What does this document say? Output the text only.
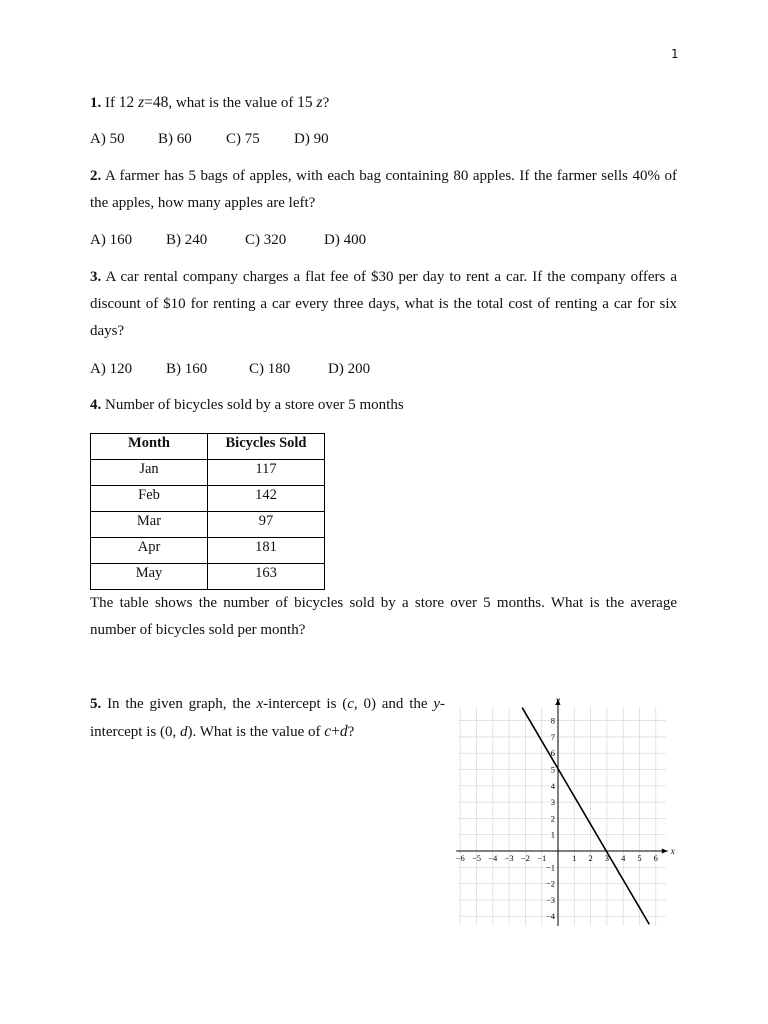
1
1. If 12 z=48, what is the value of 15 z?
A) 50 B) 60 C) 75 D) 90
2. A farmer has 5 bags of apples, with each bag containing 80 apples. If the farmer sells 40% of the apples, how many apples are left?
A) 160 B) 240	C) 320	D) 400
3. A car rental company charges a flat fee of $30 per day to rent a car. If the company offers a discount of $10 for renting a car every three days, what is the total cost of renting a car for six days?
A) 120 B) 160	C) 180	D) 200
4. Number of bicycles sold by a store over 5 months
Month	Bicycles Sold
Jan	117
Feb	142
Mar	97
Apr	181
May	163
The table shows the number of bicycles sold by a store over 5 months. What is the average number of bicycles sold per month?
5. In the given graph, the x-intercept is (c, 0) and the y-intercept is (0, d). What is the value of c+d?
x
y
−6 −5 −4 −3 −2 −1	1 2 3 4 5 6
8
7
6
5
4
3
2
1
−1
−2
−3
−4
